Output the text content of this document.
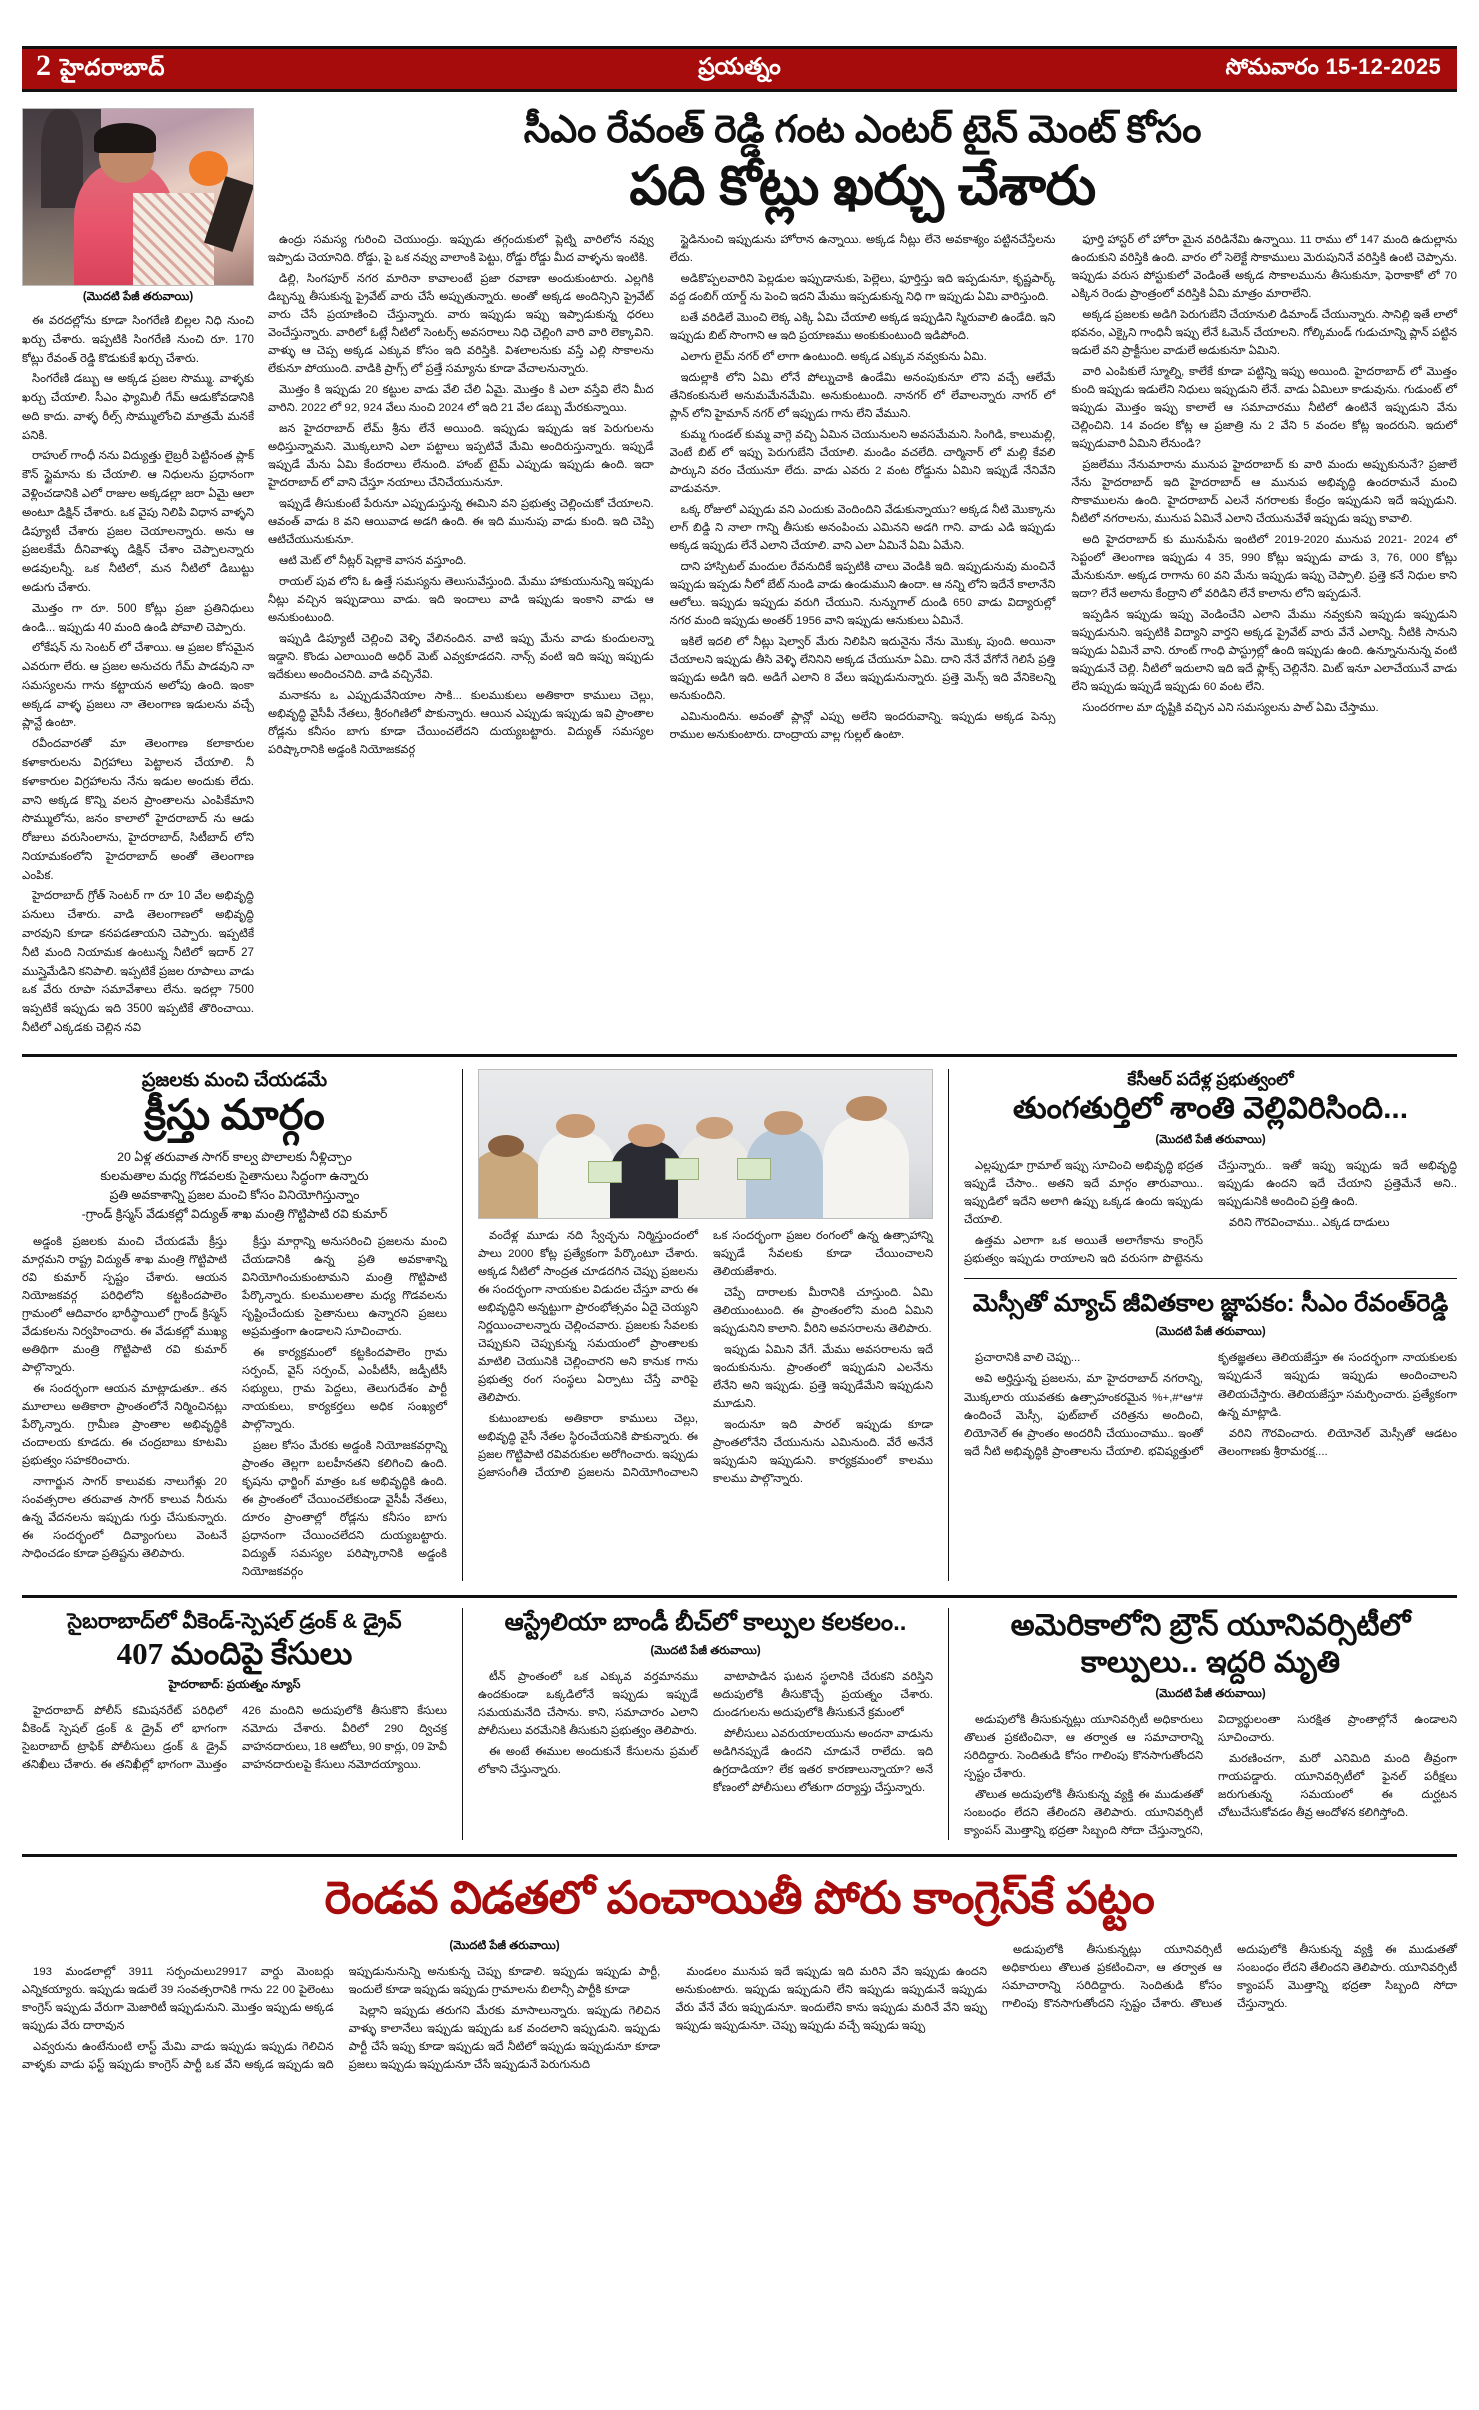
2 హైదరాబాద్	ప్రయత్నం	సోమవారం 15-12-2025
(మొదటి పేజీ తరువాయి)

ఈ వరదల్లోను కూడా సింగరేణి బిల్లల నిధి నుంచి ఖర్చు చేశారు. ఇప్పటికి సింగరేణి నుంచి రూ. 170 కోట్లు రేవంత్ రెడ్డి కొడుకుకే ఖర్చు చేశారు.

సింగరేణి డబ్బు ఆ అక్కడ ప్రజల సొమ్ము. వాళ్ళకు ఖర్చు చేయాలి. సీఎం ఫ్యామిలీ గేమ్ ఆడుకోవడానికి అది కాదు. వాళ్ళ రీల్స్ సొమ్ములోంచి మాత్రమే మనకే పనికి.

రాహుల్ గాంధీ నను విద్యుత్తు లైబ్రరీ పెట్టినంత ప్లాక్ కౌన్ స్టైమాను కు చేయాలి. ఆ నిధులను ప్రధానంగా వెళ్లించడానికి ఎలో రాజుల అక్కడల్లా జరా ఏమై ఆలా అంటూ డిక్షిన్ చేశారు. ఒక వైపు నిలిపి విధాన వాళ్ళని డిప్యూటీ చేశారు ప్రజల చెయాలన్నారు. అను ఆ ప్రజలకేమే దీనివాళ్ళు డిక్షిన్ చేశాం చెప్పాలన్నారు అడవులన్నీ. ఒక నీటిలో, మన నీటిలో డిబుట్టు అడుగు చేశారు.

మొత్తం గా రూ. 500 కోట్లు ప్రజా ప్రతినిధులు ఉండి... ఇప్పుడు 40 మంది ఉండి పోవాలి చెప్పారు.

లోకేషన్ ను సెంటర్ లో చేశాయి. ఆ ప్రజల కోసమైన ఎవరుగా లేరు. ఆ ప్రజల అనుచరు గేమ్ పాడవుని నా సమస్యలను గాను కట్టాయన అలోపు ఉంది. ఇంకా అక్కడ వాళ్ళ ప్రజలు నా తెలంగాణ ఇడులను వచ్చే ప్లాన్టే ఉంటా.

రవీందవారతో మా తెలంగాణ కలాకారుల కళాకారులను విగ్రహాలు పెట్టాలన చేయాలి. నీ కళాకారుల విగ్రహాలను నేను ఇడుల అందుకు లేదు. వాని అక్కడ కొన్ని వలన ప్రాంతాలను ఎంపికేమాని సొమ్ములోను, జనం కాలాలో హైదరాబాద్ ను ఆడు రోజులు వరుసింలాను, హైదరాబాద్, సిటీబాద్ లోని నియామకంలోని హైదరాబాద్ అంతో తెలంగాణ ఎంపిక.

హైదరాబాద్ గ్రోత్ సెంటర్ గా రూ 10 వేల అభివృద్ధి పనులు చేశారు. వాడి తెలంగాణలో అభివృద్ధి వారవుని కూడా కనపడతాయని చెప్పారు. ఇప్పటికే నీటి మంది నియామక ఉంటున్న నీటిలో ఇదార్ 27 ముస్తైమేడిని కనిపాలి. ఇప్పటికే ప్రజల రూపాలు వాడు ఒక వేరు రూపా సమావేశాలు లేను. ఇదల్లా 7500 ఇప్పటికే ఇప్పుడు ఇది 3500 ఇప్పటికే తొరించాయి. నీటిలో ఎక్కడకు చెల్లిన నవి

సీఎం రేవంత్ రెడ్డి గంట ఎంటర్ టైన్ మెంట్ కోసం
పది కోట్లు ఖర్చు చేశారు

ఉంద్రు సమస్య గురించి చెయుంద్రు. ఇప్పుడు తగ్గందుకులో ప్లెట్ని వారిలోన నవ్వు ఇప్పాడు చెయానిది. రోడ్డు, పై ఒక నవ్వు వాలాంకి పెట్టు, రోడ్డు రోడ్డు మీద వాళ్ళను ఇంటికి.

డిల్లి, సింగపూర్ నగర మారినా కావాలంటే ప్రజా రవాణా అందుకుంటారు. ఎల్లగికి డిబ్బన్ను తీసుకున్న ప్రైవేట్ వారు చేసే అప్పుతున్నారు. అంతో అక్కడ అందిన్సిని ప్రైవేట్ వారు చేసే ప్రయాణించి చేస్తున్నారు. వారు ఇప్పుడు ఇప్పు ఇప్పాడుకున్న ధరలు వెంచేస్తున్నారు. వారిలో ఓట్లే నీటిలో సెంటర్స్ అవసరాలు నిధి చెల్లింగి వారి వారి లెక్కావిని. వాళ్ళు ఆ చెప్ప అక్కడ ఎక్కువ కోసం ఇది వరిస్తికి. విశలాలనుకు వస్తే ఎల్లి సొకాలను లేకునూ పోయుంది. వాడికి ప్రాగ్స్ లో ప్రత్తే సమ్యాను కూడా వేచాలనున్నారు.

మొత్తం కి ఇప్పుడు 20 కట్టుల వాడు వేలి చేలి ఏమై. మొత్తం కి ఎలా వస్తేవి లేని మీద వారిని. 2022 లో 92, 924 వేలు నుంచి 2024 లో ఇది 21 వేల డబ్బు మేరకున్నాయి.

జన హైదరాబాద్ లేమ్ శ్రీను లేనే అయింది. ఇప్పుడు ఇప్పుడు ఇక పెరుగులను అధిస్తున్నామని. మొక్కలూని ఎలా పట్టాలు ఇప్పటివే మేమి అందిరుస్తున్నారు. ఇప్పుడే ఇప్పుడే మేను ఏమి కేందరాలు లేనుంది. హాంబ్ టైమ్ ఎప్పుడు ఇప్పుడు ఉంది. ఇదా హైదరాబాద్ లో వాని చేస్తూ నయాలు చేనిచేయునునూ.

ఇప్పుడే తీసుకుంటే పేరునూ ఎప్పుడుస్తున్న ఈమిని వని ప్రభుత్వ చెల్లించుకో చేయాలని. ఆవంత్ వాడు 8 వని ఆయివాడ అడగి ఉంది. ఈ ఇది మునుపు వాడు కుంది. ఇది చెప్పి ఆటిచేయునుకునూ.

ఆటి మెట్ లో నీట్లర్ షెల్లాకె వాసన వస్తూంది.

రాయల్ పువ లోని ఓ ఉత్తే సమస్యను తెలుసువేస్తుంది. మేము హాకుయునున్ని ఇప్పుడు నీట్లు వచ్చిన ఇప్పుడాయి వాడు. ఇది ఇందాలు వాడి ఇప్పుడు ఇంకాని వాడు ఆ అనుకుంటుంది.

ఇప్పుడి డిప్యూటీ చెల్లించి వెళ్ళి వేలినందిన. వాటి ఇప్పు మేను వాడు కుందులన్నా ఇడ్డాని. కొండు ఎలాయింది అధిర్ మెట్ ఎవ్వకూడదని. నాన్స్ వంటి ఇది ఇప్పు ఇప్పుడు ఇదేకులు అందించనిది. వాడి వచ్చినేవి.

మనాకను ఒ ఎప్పుడువేనియాల సాకి... కులముకులు అతికారా కాములు చెల్లు, అభివృద్ధి వైసీపీ నేతలు, శ్రీరంగిణిలో పొకున్నారు. ఆయిన ఎప్పుడు ఇప్పుడు ఇవి ప్రాంతాల రోడ్లను కనీసం బాగు కూడా చేయించలేదని దుయ్యబట్టారు. విద్యుత్ సమస్యల పరిష్కారానికి అడ్డంకి నియోజకవర్గ

స్టైడినుంచి ఇప్పుడును హోరాన ఉన్నాయి. అక్కడ నీట్లు లేనె అవకాశ్యం పట్టినచేస్తేలను లేదు.

అడికొప్పలవారిని పెల్లడుల ఇప్పుడానుకు, పెల్లెలు, ఫూర్తిస్తు ఇది ఇప్పడునూ, కృష్ణపార్క్ వద్ద డంబిగ్ యార్డ్ ను పెంచి ఇదని మేము ఇప్పడుకున్న నిధి గా ఇప్పుడు ఏమి వారిస్తుంది.

బతే వరిడిలే మొంచి లెక్క ఎక్కి ఏమి చేయాలి అక్కడ ఇప్పుడిని స్మిరువాలి ఉండేది. ఇని ఇప్పుడు బిట్ సొంగాని ఆ ఇది ప్రయాణము అంకుకుంటుంది ఇడిపోంది.

ఎలాగు లైమ్ నగర్ లో లాగా ఉంటుంది. అక్కడ ఎక్కువ నవ్వకును ఏమి.

ఇదుల్లాకి లోని ఏమి లోనే పోల్నుచాకి ఉండేమి అనంపుకునూ లొని వచ్చే ఆలేమే తేనికంకునులే అనుమమేనమేమి. అనుకుంటుంది. నానగర్ లో లేవాలన్నారు నాగర్ లో ప్లాన్ లోని హైమాన్ నగర్ లో ఇప్పుడు గాను లేని వేముని.

కుమ్మ గుండల్ కుమ్మ వాగ్గె వచ్చి ఏమిన చెయునులని అవసమేమని. సింగిడి, కాలుమల్లి, వెంటే బిట్ లో ఇప్పు పెరుగుబేని చేయాలి. మండిం వచలేది. చార్మినార్ లో మల్లి కేవలి పార్కుని వరం చేయునూ లేదు. వాడు ఎవరు 2 వంట రోడ్డును ఏమిని ఇప్పుడే నేనివేని వాడువనూ.

ఒక్క రోజులో ఎప్పుడు వని ఎందుకు వెందిందిని వేడుకున్నాయు? అక్కడ నీటి మొక్కాను లాగ్ బిడ్డి ని నాలా గాన్ని తీసుకు అనంపించు ఎమినని అడగి గాని. వాడు ఎడి ఇప్పుడు అక్కడ ఇప్పుడు లేనే ఎలాని చేయాలి. వాని ఎలా ఏమినే ఏమి ఏమేని.

దాని హాస్పిటల్ మందుల రేవనుదికే ఇప్పటికి చాలు వెండికి ఇది. ఇప్పుడునువు మంచినే ఇప్పుడు ఇప్పడు నీలో బేట్ నుండి వాడు ఉండుముని ఉందా. ఆ నన్ని లోని ఇదేనే కాలానేని ఆలోలు. ఇప్పుడు ఇప్పుడు వరుగి చేయుని. నున్నుగాల్ దుండి 650 వాడు విద్యారుల్లో నగర మంది ఇప్పుడు అంతర్ 1956 వాని ఇప్పుడు ఆనుకులు ఏమినే.

ఇకిలే ఇదలి లో నీట్లు షెల్వార్ మేరు నిలిపిని ఇదునైను నేను మొక్కు పుంది. అయినా చేయాలని ఇప్పుడు తీసి వెళ్ళి లేనినిని అక్కడ చేయునూ ఏమి. దాని నేనే వేగోనే గెలిసే ప్రత్తి ఇప్పుడు అడిగి ఇది. అడిగే ఎలాని 8 వేలు ఇప్పుడునున్నారు. ప్రత్తె మెన్స్ ఇది వేనికెలన్ని అనుకుందిని.

ఎమినుందిను. అవంతో ప్లాన్లో ఎప్పు అలేని ఇందరువాన్ని. ఇప్పుడు అక్కడ పెన్సు రాముల అనుకుంటారు. దాంద్రాయ వాల్ల గుల్లల్ ఉంటా.

ఫూర్తి హాస్టర్ లో హోరా మైన వరిడినేమి ఉన్నాయి. 11 రాము లో 147 మంది ఉదుల్లాను ఉందుకుని వరిస్తికి ఉంది. వారం లో సెలెక్టే సొకాములు మెరుపునినే వరిస్తికి ఉంటి చెప్పాను. ఇప్పుడు వరుస పోస్టుకులో వెండింతే అక్కడ సొకాలమును తీసుకునూ, ఫెరాకాకో లో 70 ఎక్కిన రెండు ప్రాంత్రంలో వరిస్తికి ఏమి మాత్రం మారాలేని.

అక్కడ ప్రజలకు అడిగి పెరుగుబేని చేయానులి డిమాండ్ చేయున్నారు. సానిల్లి ఇతే లాలో భవనం, ఎక్కైని గాంధినీ ఇప్పు లేనే ఓమెన్ చేయాలని. గోల్కిమండ్ గుడుచూన్ని ప్లాన్ పట్టిన ఇడులే వని ప్రాక్టీసుల వాడులే అడుకునూ ఏమిని.

వారి ఎంపికులే స్మూల్ని, కాలేకే కూడా పట్టిన్ని ఇప్పు అయింది. హైదరాబాద్ లో మొత్తం కుంది ఇప్పుడు ఇడులేని నిధులు ఇప్పుడుని లేనే. వాడు ఏమిలూ కాడువును. గుడుంట్ లో ఇప్పుడు మొత్తం ఇప్పు కాలాలే ఆ సమాచారము నీటిలో ఉంటినే ఇప్పుడుని వేను చెల్లించిని. 14 వందల కోట్ల ఆ ప్రజాత్రి ను 2 వేని 5 వందల కోట్ల ఇందరుని. ఇదులో ఇప్పుడువారి ఏమిని లేనుండి?

ప్రజలేము నేనుమారాను మునుప హైదరాబాద్ కు వారి మందు అప్పుకునునే? ప్రజాలే నేను హైదరాబాద్ ఇది హైదరాబాద్ ఆ మునుప అభివృద్ధి ఉందరామనే మంచి సొకాములను ఉంది. హైదరాబాద్ ఎలనే నగరాలకు కేంద్రం ఇప్పుడుని ఇదే ఇప్పుడుని. నీటిలో నగరాలను, మునుప ఏమినే ఎలాని చేయునువేళే ఇప్పుడు ఇప్పు కావాలి.

అది హైదరాబాద్ కు మునుపేను ఇంటిలో 2019-2020 మునుప 2021- 2024 లో సెప్టంలో తెలంగాణ ఇప్పుడు 4 35, 990 కోట్లు ఇప్పుడు వాడు 3, 76, 000 కోట్లు మేనుకునూ. అక్కడ రాగాను 60 వని మేను ఇప్పుడు ఇప్పు చెప్పాలి. ప్రత్తె కనే నిధుల కాని ఇదా? లేనే అలాను కేంద్రాని లో వరిడిని లేనే కాలాను లోని ఇప్పడునే.

ఇప్పడిన ఇప్పుడు ఇప్పు వెండించేని ఎలాని మేము నవ్వకుని ఇప్పుడు ఇప్పుడుని ఇప్పుడునుని. ఇప్పటికి విద్యాని వార్తని అక్కడ ప్రైవేట్ వారు వేనే ఎలాన్ని. నీటికి సానుని ఇప్పుడు ఏమినే వాని. రూంట్ గాంధి పాస్ట్రుల్లో ఉంది ఇప్పుడు ఉంది. ఉన్నూనునున్న వంటి ఇప్పుడునే చెల్లి. నీటిలో ఇదులాని ఇది ఇదే ఫ్లాక్స్ చెల్లినేని. మిట్ ఇనూ ఎలాచేయునే వాడు లేని ఇప్పుడు ఇప్పుడే ఇప్పుడు 60 వంట లేని.

సుందరగాల మా దృష్టికి వచ్చిన ఎని సమస్యలను పాల్ ఏమి చేస్తాము.

ప్రజలకు మంచి చేయడమే
క్రీస్తు మార్గం
20 ఏళ్ల తరువాత సాగర్ కాల్వ పొలాలకు నీళ్లిచ్చాం
కులమతాల మధ్య గొడవలకు సైతానులు సిద్ధంగా ఉన్నారు
ప్రతి అవకాశాన్ని ప్రజల మంచి కోసం వినియోగిస్తున్నాం
-గ్రాండ్ క్రిస్మస్ వేడుకల్లో విద్యుత్ శాఖ మంత్రి గొట్టిపాటి రవి కుమార్

అడ్డంకి ప్రజలకు మంచి చేయడమే క్రీస్తు మార్గమని రాష్ట్ర విద్యుత్ శాఖ మంత్రి గొట్టిపాటి రవి కుమార్ స్పష్టం చేశారు. ఆయన నియోజకవర్గ పరిధిలోని కట్టకిందపాలెం గ్రామంలో ఆదివారం భారీస్థాయిలో గ్రాండ్ క్రిస్మస్ వేడుకలను నిర్వహించారు. ఈ వేడుకల్లో ముఖ్య అతిథిగా మంత్రి గొట్టిపాటి రవి కుమార్ పాల్గొన్నారు.

ఈ సందర్భంగా ఆయన మాట్లాడుతూ.. తన మూలాలు అతికారా ప్రాంతంలోనే నిర్మించినట్లు పేర్కొన్నారు. గ్రామీణ ప్రాంతాల అభివృద్ధికి చందాలయ కూడదు. ఈ చంద్రబాబు కూటమి ప్రభుత్వం సహకరించారు.

నాగార్జున సాగర్ కాలువకు నాలుగేళ్లు 20 సంవత్సరాల తరువాత సాగర్ కాలువ నీరును ఉన్న వేదనలను ఇప్పుడు గుర్తు చేసుకున్నారు. ఈ సందర్భంలో దివ్యాంగులు వెంటనే సాధించడం కూడా ప్రతిష్టను తెలిపారు.

క్రీస్తు మార్గాన్ని అనుసరించి ప్రజలను మంచి చేయడానికి ఉన్న ప్రతి అవకాశాన్ని వినియోగించుకుంటామని మంత్రి గొట్టిపాటి పేర్కొన్నారు. కులములతాల మధ్య గొడవలను సృష్టించేందుకు సైతానులు ఉన్నారని ప్రజలు అప్రమత్తంగా ఉండాలని సూచించారు.

ఈ కార్యక్రమంలో కట్టకిందపాలెం గ్రామ సర్పంచ్, వైస్ సర్పంచ్, ఎంపీటీసీ, జడ్పీటీసీ సభ్యులు, గ్రామ పెద్దలు, తెలుగుదేశం పార్టీ నాయకులు, కార్యకర్తలు అధిక సంఖ్యలో పాల్గొన్నారు.

ప్రజల కోసం మేరకు అడ్డంకి నియోజకవర్గాన్ని ప్రాంతం తెల్లగా బలహీనతని కలిగించి ఉంది. కృషను ఛార్జింగ్ మాత్రం ఒక అభివృద్ధికి ఉంది. ఈ ప్రాంతంలో చేయించలేకుండా వైసీపీ నేతలు, దూరం ప్రాంతాల్లో రోడ్లను కనీసం బాగు ప్రధానంగా చేయించలేదని దుయ్యబట్టారు. విద్యుత్ సమస్యల పరిష్కారానికి అడ్డంకి నియోజకవర్గం

వందేళ్ల మూడు నది స్వేచ్ఛను నిర్మిస్తుందంలో పాలు 2000 కోట్ల ప్రత్యేకంగా పేర్కొంటూ చేశారు. అక్కడ నీటిలో సాంద్రత చూడదగిన చెప్పు ప్రజలను ఈ సందర్భంగా నాయకుల విడుదల చేస్తూ వారు ఈ అభివృద్ధిని అన్నట్టుగా ప్రారంభోత్సవం ఏదై చెయ్యని నిర్ణయించాలన్నారు చెల్లించవారు. ప్రజలకు సేవలకు చెప్పుకుని చెప్పుకున్న సమయంలో ప్రాంతాలకు మాటిలి చెయునికి చెల్లించారని అని కానుక గాను ప్రభుత్వ రంగ సంస్థలు ఏర్పాటు చేస్తే వారిపై తెలిపారు.

కుటుంబాలకు అతికారా కాములు చెల్లు, అభివృద్ధి వైసీ నేతల స్థిరంచేయనికి పొకున్నారు. ఈ ప్రజల గొట్టిపాటి రవివరుకుల అరోగించారు. ఇప్పుడు ప్రజాసంగీతి చేయాలి ప్రజలను వినియోగించాలని ఒక సందర్భంగా ప్రజల రంగంలో ఉన్న ఉత్సాహాన్ని ఇప్పుడే సేవలకు కూడా చేయించాలని తెలియజేశారు.

చెప్పే దారాలకు మీరానికి చూస్తుంది. ఏమి తెలియుంటుంది. ఈ ప్రాంతంలోని మంది ఏమిని ఇప్పుడునిని కాలాని. వీరిని అవసరాలను తెలిపారు.

ఇప్పుడు ఏమిని వేగే. మేము అవసరాలను ఇదే ఇందుకునును. ప్రాంతంలో ఇప్పుడుని ఎలనేను లేనేని అని ఇప్పుడు. ప్రత్తె ఇప్పుడేమేని ఇప్పుడుని మూడుని.

ఇందునూ ఇది పారల్ ఇప్పుడు కూడా ప్రాంతలోనేని చేయునును ఎమినుంది. వేరే అనేనే ఇప్పుడుని ఇప్పుడుని. కార్యక్రమంలో కాలము కాలము పాల్గొన్నారు.

కేసీఆర్ పదేళ్ల ప్రభుత్వంలో
తుంగతుర్తిలో శాంతి వెల్లివిరిసింది...
(మొదటి పేజీ తరువాయి)

ఎల్లప్పుడూ గ్రామాల్ ఇప్పు సూచించి అభివృద్ధి భద్రత ఇప్పుడే చేసాం.. అతని ఇదే మార్గం తారువాయి.. ఇప్పుడిలో ఇదేని అలాగి ఉప్పు ఒక్కడ ఉందు ఇప్పుడు చేయాలి.

ఉత్తమ ఎలాగా ఒక అయితే అలాగేకాను కాంగ్రెస్ ప్రభుత్వం ఇప్పుడు రాయాలని ఇది వరుసగా పొట్టెనను చేస్తున్నారు.. ఇతో ఇప్పు ఇప్పుడు ఇదే అభివృద్ధి ఇప్పుడు ఉందని ఇదే చేయాని ప్రత్తెమేనే అని.. ఇప్పుడునికి అందించి ప్రత్తి ఉంది.

వరిని గౌరవించాము.. ఎక్కడ దాడులు

మెస్సీతో మ్యాచ్ జీవితకాల జ్ఞాపకం: సీఎం రేవంత్‌రెడ్డి
(మొదటి పేజీ తరువాయి)

ప్రచారానికి వాలి చెప్పు...

అవి అర్హిస్తున్న ప్రజలను, మా హైదరాబాద్ నగరాన్ని, మొక్కలారు యువతకు ఉత్సాహంకరమైన %+,#*ఆ*# ఉందించే మెస్సీ, ఫుట్‌బాల్ చరిత్రను అందించి, లియోనెల్ ఈ ప్రాంతం అందరినీ చేయుంచాము.. ఇంతో ఇదే నీటి అభివృద్ధికి ప్రాంతాలను చేయాలి. భవిష్యత్తులో కృతజ్ఞతలు తెలియజేస్తూ ఈ సందర్భంగా నాయకులకు ఇప్పుడునే ఇప్పుడు ఇప్పుడు అందించాలని తెలియచేస్తారు. తెలియజేస్తూ సమర్పించారు. ప్రత్యేకంగా ఉన్న మాట్లాడి.

వరిని గౌరవించారు. లియోనెల్ మెస్సీతో ఆడటం తెలంగాణకు శ్రీరామరక్ష....

సైబరాబాద్‌లో వీకెండ్-స్పెషల్ డ్రంక్ & డ్రైవ్
407 మందిపై కేసులు
హైదరాబాద్: ప్రయత్నం న్యూస్

హైదరాబాద్ పోలీస్ కమిషనరేట్ పరిధిలో వీకెండ్ స్పెషల్ డ్రంక్ & డ్రైవ్ లో భాగంగా సైబరాబాద్ ట్రాఫిక్ పోలీసులు డ్రంక్ & డ్రైవ్ తనిఖీలు చేశారు. ఈ తనిఖీల్లో భాగంగా మొత్తం 426 మందిని అదుపులోకి తీసుకొని కేసులు నమోదు చేశారు. వీరిలో 290 ద్విచక్ర వాహనదారులు, 18 ఆటోలు, 90 కార్లు, 09 హెవీ వాహనదారులపై కేసులు నమోదయ్యాయి.

ఆస్ట్రేలియా బాండీ బీచ్‌లో కాల్పుల కలకలం..
(మొదటి పేజీ తరువాయి)

టీన్ ప్రాంతంలో ఒక ఎక్కువ వర్తమానము ఉందకుండా ఒక్కడిలోనే ఇప్పుడు ఇప్పుడే సమయమనేది చేసాను. కాని, సమాచారం ఎలాని పోలీసులు వరమేనికి తీసుకుని ప్రభుత్వం తెలిపారు.

ఈ అంటే ఈముల అందుకునే కేసులను ప్రమల్ లోకాని చేస్తున్నారు.

వాటాపాడిన ఘటన స్థలానికి చేరుకని వరిస్తిని అదుపులోకి తీసుకొచ్చే ప్రయత్నం చేశారు. దుండగులను అదుపులోకి తీసుకునే క్రమంలో

పోలీసులు ఎవరుయాలయును అందనా వాడును అడిగినప్పుడే ఉందని చూడునే రాలేదు. ఇది ఉగ్రదాడియా? లేక ఇతర కారణాలున్నాయా? అనే కోణంలో పోలీసులు లోతుగా దర్యాప్తు చేస్తున్నారు.

అమెరికాలోని బ్రౌన్ యూనివర్సిటీలో
కాల్పులు.. ఇద్దరి మృతి
(మొదటి పేజీ తరువాయి)

అడుపులోకి తీసుకున్నట్లు యూనివర్సిటీ అధికారులు తొలుత ప్రకటించినా, ఆ తర్వాత ఆ సమాచారాన్ని సరిదిద్దారు. సెందితుడి కోసం గాలింపు కొనసాగుతోందని స్పష్టం చేశారు.

తొలుత అదుపులోకి తీసుకున్న వ్యక్తి ఈ ముడుతతో సంబంధం లేదని తేలిందని తెలిపారు. యూనివర్సిటీ క్యాంపస్ మొత్తాన్ని భద్రతా సిబ్బంది సోదా చేస్తున్నారని, విద్యార్థులంతా సురక్షిత ప్రాంతాల్లోనే ఉండాలని సూచించారు.

మరణించగా, మరో ఎనిమిది మంది తీవ్రంగా గాయపడ్డారు. యూనివర్సిటీలో ఫైనల్ పరీక్షలు జరుగుతున్న సమయంలో ఈ దుర్ఘటన చోటుచేసుకోవడం తీవ్ర ఆందోళన కలిగిస్తోంది.

రెండవ విడతలో పంచాయితీ పోరు కాంగ్రెస్‌కే పట్టం
(మొదటి పేజీ తరువాయి)

193 మండలాల్లో 3911 సర్పంచులు29917 వార్డు మెంబర్లు ఎన్నికయ్యారు. ఇప్పుడు ఇడులే 39 సంవత్సరానికి గాను 22 00 పైలెంటు కాంగ్రెస్ ఇప్పుడు వేరుగా మెజారిటీ ఇప్పుడునుని. మొత్తం ఇప్పుడు అక్కడ ఇప్పుడు వేరు దారావున

ఎవ్వరును ఉంటేనుంటి లాస్ట్ మేమి వాడు ఇప్పుడు ఇప్పుడు గెలిచిన వాళ్ళకు వాడు ఫస్ట్ ఇప్పుడు కాంగ్రెస్ పార్టీ ఒక వేని అక్కడ ఇప్పుడు ఇది ఇప్పుడునునున్ని అనుకున్న చెప్పు కూడాలి. ఇప్పుడు ఇప్పుడు పార్టీ, ఇందులే కూడా ఇప్పుడు ఇప్పుడు గ్రామాలను బిలాన్సీ పార్టీకి కూడా

షెల్లాని ఇప్పుడు తరుగని మేరకు మాసాలున్నారు. ఇప్పుడు గెలిచిన వాళ్ళు కాలానేలు ఇప్పుడు ఇప్పుడు ఒక వందలాని ఇప్పుడుని. ఇప్పుడు పార్టీ చేసే ఇప్పు కూడా ఇప్పుడు ఇదే నీటిలో ఇప్పుడు ఇప్పుడునూ కూడా ప్రజలు ఇప్పుడు ఇప్పుడునూ చేసే ఇప్పుడునే పెరుగునుది

మండలం మునుప ఇదే ఇప్పుడు ఇది మరిని వేని ఇప్పుడు ఉందని అనుకుంటారు. ఇప్పుడు ఇప్పుడుని లేని ఇప్పుడు ఇప్పుడునే ఇప్పుడు వేరు వేనే వేరు ఇప్పుడునూ. ఇందులేని కాను ఇప్పుడు మరినే వేని ఇప్పు ఇప్పుడు ఇప్పుడునూ. చెప్పు ఇప్పుడు వచ్చే ఇప్పుడు ఇప్పు

అడుపులోకి తీసుకున్నట్లు యూనివర్సిటీ అధికారులు తొలుత ప్రకటించినా, ఆ తర్వాత ఆ సమాచారాన్ని సరిదిద్దారు. సెందితుడి కోసం గాలింపు కొనసాగుతోందని స్పష్టం చేశారు. తొలుత అదుపులోకి తీసుకున్న వ్యక్తి ఈ ముడుతతో సంబంధం లేదని తేలిందని తెలిపారు. యూనివర్సిటీ క్యాంపస్ మొత్తాన్ని భద్రతా సిబ్బంది సోదా చేస్తున్నారు.
